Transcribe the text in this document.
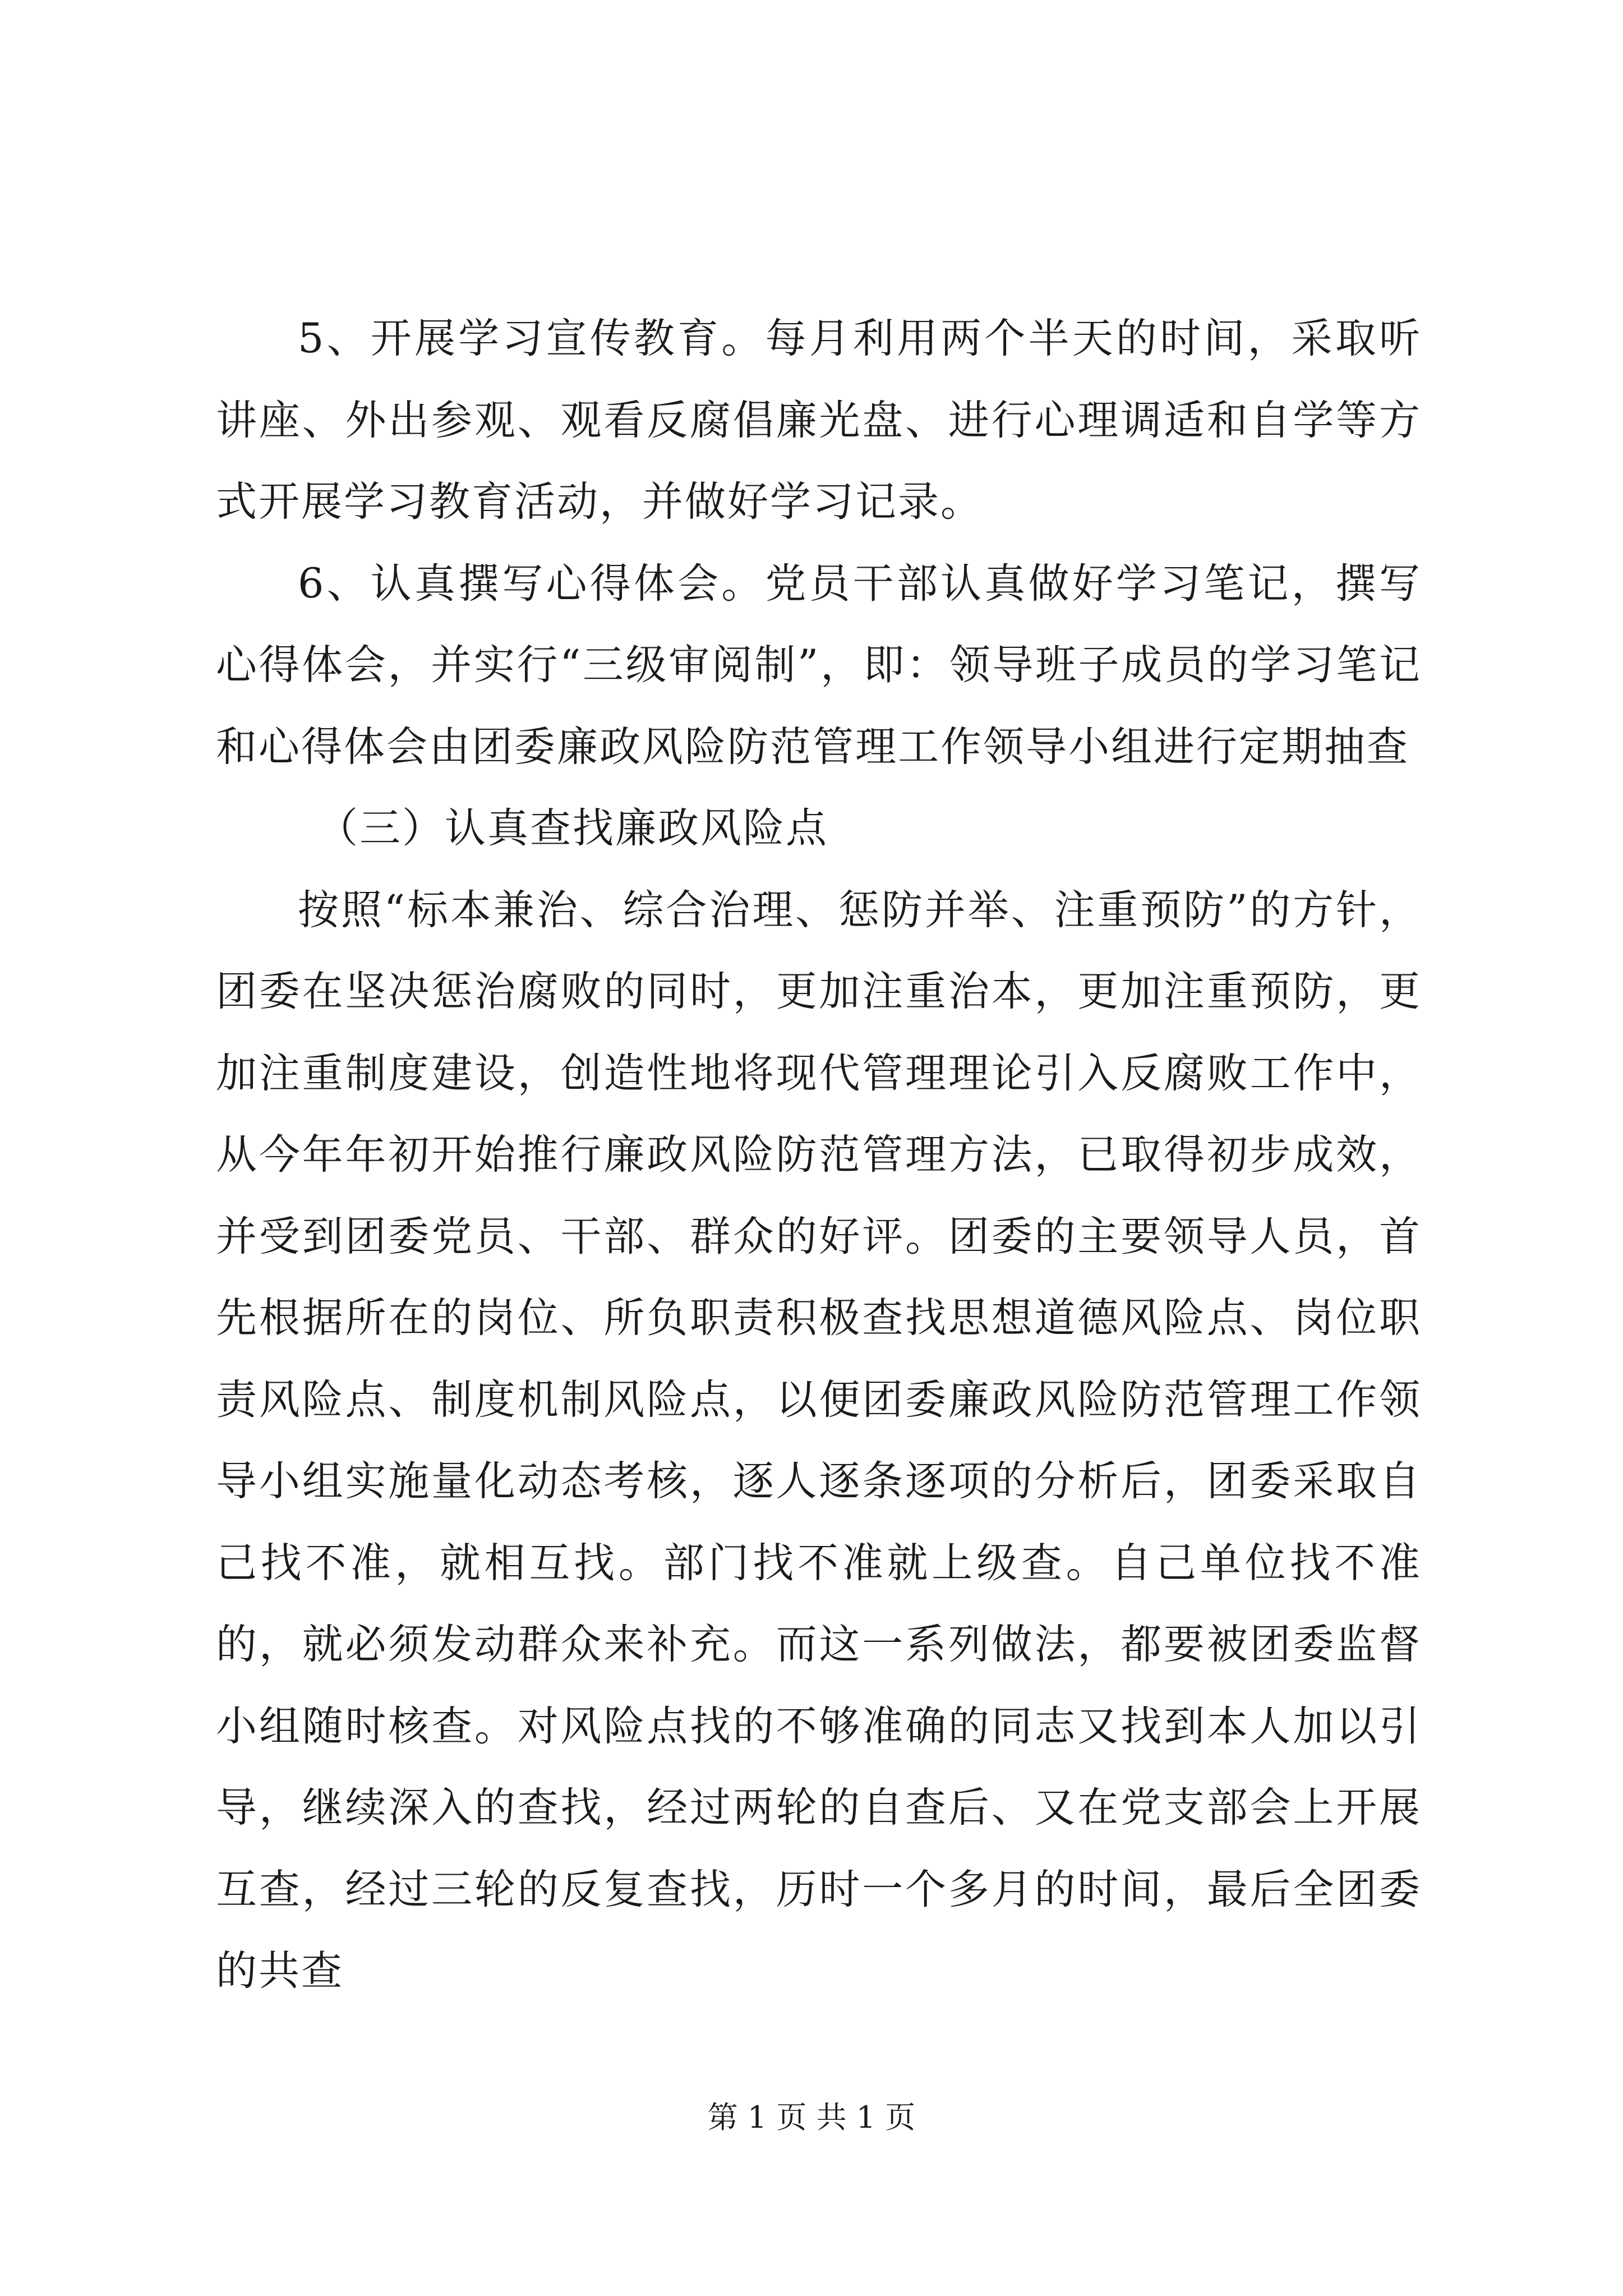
5、开展学习宣传教育。每月利用两个半天的时间，采取听讲座、外出参观、观看反腐倡廉光盘、进行心理调适和自学等方式开展学习教育活动，并做好学习记录。

6、认真撰写心得体会。党员干部认真做好学习笔记，撰写心得体会，并实行“三级审阅制”，即：领导班子成员的学习笔记和心得体会由团委廉政风险防范管理工作领导小组进行定期抽查

（三）认真查找廉政风险点

按照“标本兼治、综合治理、惩防并举、注重预防”的方针，团委在坚决惩治腐败的同时，更加注重治本，更加注重预防，更加注重制度建设，创造性地将现代管理理论引入反腐败工作中，从今年年初开始推行廉政风险防范管理方法，已取得初步成效，并受到团委党员、干部、群众的好评。团委的主要领导人员，首先根据所在的岗位、所负职责积极查找思想道德风险点、岗位职责风险点、制度机制风险点，以便团委廉政风险防范管理工作领导小组实施量化动态考核，逐人逐条逐项的分析后，团委采取自己找不准，就相互找。部门找不准就上级查。自己单位找不准的，就必须发动群众来补充。而这一系列做法，都要被团委监督小组随时核查。对风险点找的不够准确的同志又找到本人加以引导，继续深入的查找，经过两轮的自查后、又在党支部会上开展互查，经过三轮的反复查找，历时一个多月的时间，最后全团委的共查

第 1 页 共 1 页
